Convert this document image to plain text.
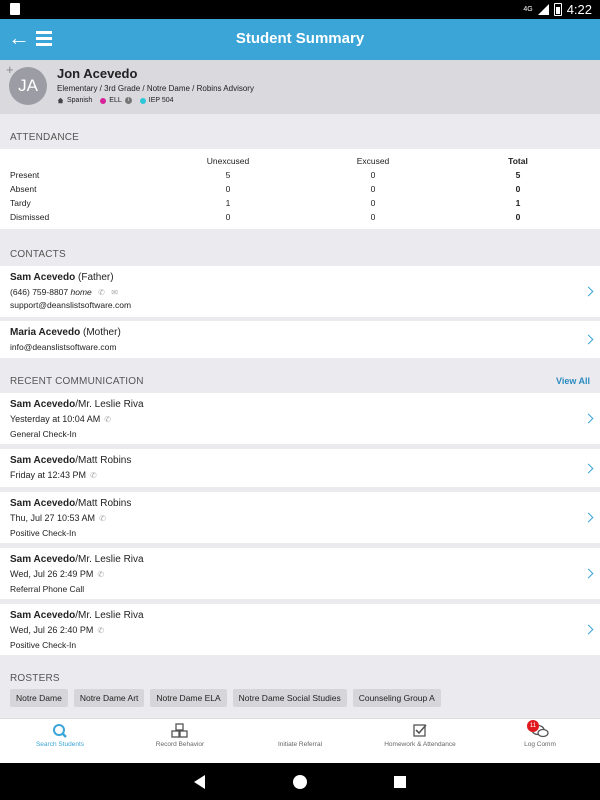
4G	4:22
←	Student Summary
+
JA
Jon Acevedo
Elementary / 3rd Grade / Notre Dame / Robins Advisory
Spanish ELL	i	IEP 504
ATTENDANCE
Unexcused	Excused	Total
Present	5	0	5
Absent	0	0	0
Tardy	1	0	1
Dismissed	0	0	0
CONTACTS
Sam Acevedo (Father)
(646) 759-8807 home ✆ ✉
support@deanslistsoftware.com
Maria Acevedo (Mother)
info@deanslistsoftware.com
RECENT COMMUNICATION	View All
Sam Acevedo/Mr. Leslie Riva
Yesterday at 10:04 AM ✆
General Check-In
Sam Acevedo/Matt Robins
Friday at 12:43 PM ✆
Sam Acevedo/Matt Robins
Thu, Jul 27 10:53 AM ✆
Positive Check-In
Sam Acevedo/Mr. Leslie Riva
Wed, Jul 26 2:49 PM ✆
Referral Phone Call
Sam Acevedo/Mr. Leslie Riva
Wed, Jul 26 2:40 PM ✆
Positive Check-In
ROSTERS
Notre Dame	Notre Dame Art	Notre Dame ELA	Notre Dame Social Studies	Counseling Group A
Search Students	Record Behavior	Initiate Referral	Homework & Attendance
11
Log Comm
